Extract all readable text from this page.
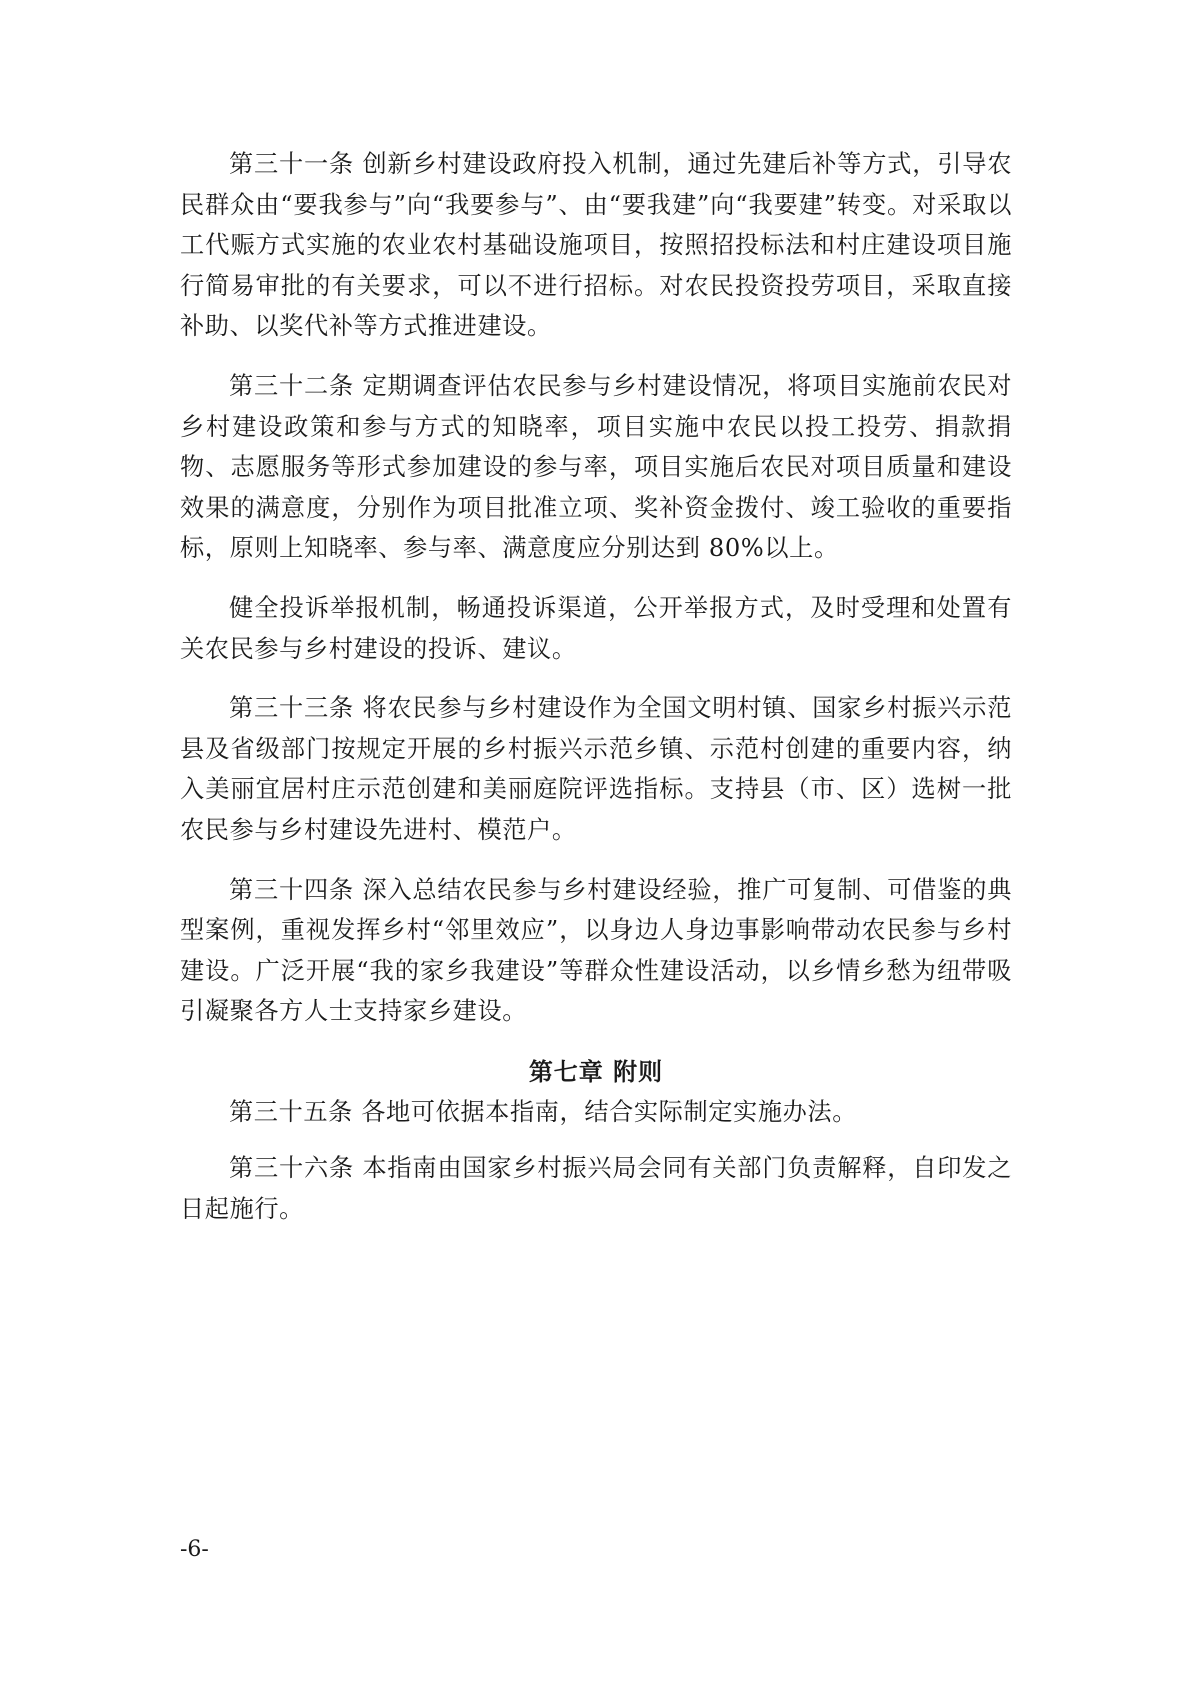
第三十一条 创新乡村建设政府投入机制，通过先建后补等方式，引导农民群众由“要我参与”向“我要参与”、由“要我建”向“我要建”转变。对采取以工代赈方式实施的农业农村基础设施项目，按照招投标法和村庄建设项目施行简易审批的有关要求，可以不进行招标。对农民投资投劳项目，采取直接补助、以奖代补等方式推进建设。

第三十二条 定期调查评估农民参与乡村建设情况，将项目实施前农民对乡村建设政策和参与方式的知晓率，项目实施中农民以投工投劳、捐款捐物、志愿服务等形式参加建设的参与率，项目实施后农民对项目质量和建设效果的满意度，分别作为项目批准立项、奖补资金拨付、竣工验收的重要指标，原则上知晓率、参与率、满意度应分别达到 80%以上。

健全投诉举报机制，畅通投诉渠道，公开举报方式，及时受理和处置有关农民参与乡村建设的投诉、建议。

第三十三条 将农民参与乡村建设作为全国文明村镇、国家乡村振兴示范县及省级部门按规定开展的乡村振兴示范乡镇、示范村创建的重要内容，纳入美丽宜居村庄示范创建和美丽庭院评选指标。支持县（市、区）选树一批农民参与乡村建设先进村、模范户。

第三十四条 深入总结农民参与乡村建设经验，推广可复制、可借鉴的典型案例，重视发挥乡村“邻里效应”，以身边人身边事影响带动农民参与乡村建设。广泛开展“我的家乡我建设”等群众性建设活动，以乡情乡愁为纽带吸引凝聚各方人士支持家乡建设。

第七章 附则

第三十五条 各地可依据本指南，结合实际制定实施办法。

第三十六条 本指南由国家乡村振兴局会同有关部门负责解释，自印发之日起施行。

-6-
